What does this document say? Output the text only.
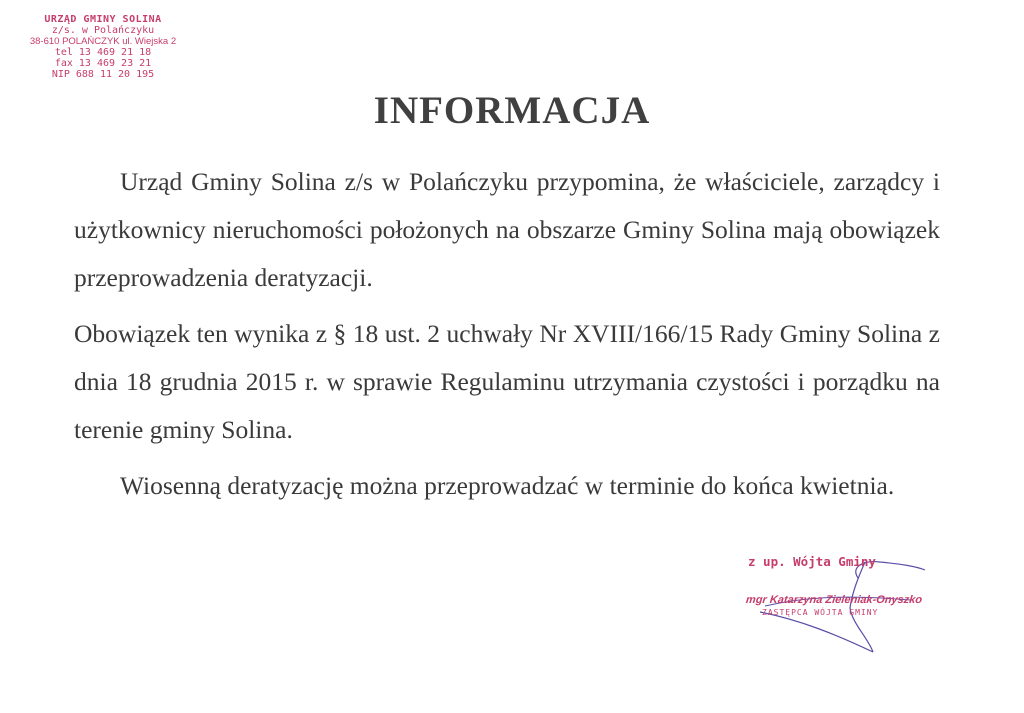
URZĄD GMINY SOLINA
z/s. w Polańczyku
38-610 POLAŃCZYK ul. Wiejska 2
tel 13 469 21 18
fax 13 469 23 21
NIP 688 11 20 195
INFORMACJA
Urząd Gminy Solina z/s w Polańczyku przypomina, że właściciele, zarządcy i użytkownicy nieruchomości położonych na obszarze Gminy Solina mają obowiązek przeprowadzenia deratyzacji.
Obowiązek ten wynika z § 18 ust. 2 uchwały Nr XVIII/166/15 Rady Gminy Solina z dnia 18 grudnia 2015 r. w sprawie Regulaminu utrzymania czystości i porządku na terenie gminy Solina.
Wiosenną deratyzację można przeprowadzać w terminie do końca kwietnia.
z up. Wójta Gminy
mgr Katarzyna Zieleniak-Onyszko
ZASTĘPCA WÓJTA GMINY
